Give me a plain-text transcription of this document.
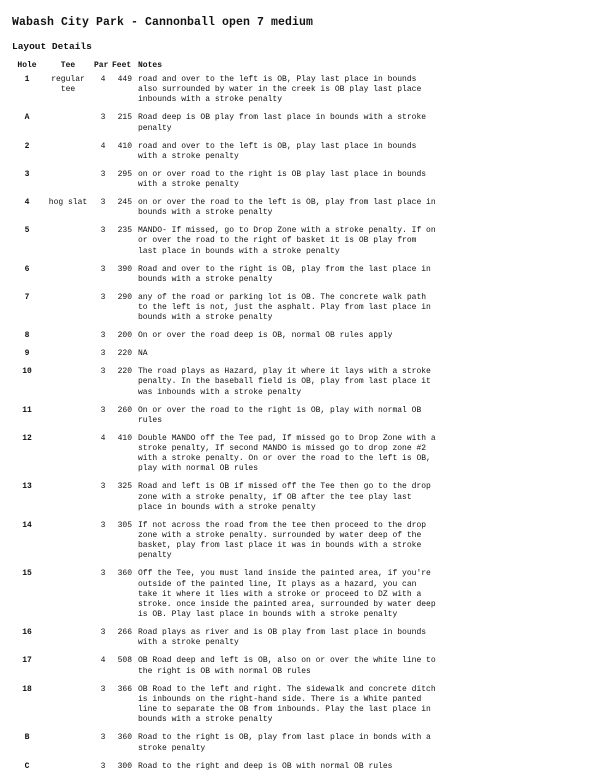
Wabash City Park - Cannonball open 7 medium
Layout Details
Hole	Tee	Par	Feet	Notes
1	regular tee	4	449	road and over to the left is OB, Play last place in bounds also surrounded by water in the creek is OB play last place inbounds with a stroke penalty
A		3	215	Road deep is OB play from last place in bounds with a stroke penalty
2		4	410	road and over to the left is OB, play last place in bounds with a stroke penalty
3		3	295	on or over road to the right is OB play last place in bounds with a stroke penalty
4	hog slat	3	245	on or over the road to the left is OB, play from last place in bounds with a stroke penalty
5		3	235	MANDO- If missed, go to Drop Zone with a stroke penalty. If on or over the road to the right of basket it is OB play from last place in bounds with a stroke penalty
6		3	390	Road and over to the right is OB, play from the last place in bounds with a stroke penalty
7		3	290	any of the road or parking lot is OB. The concrete walk path to the left is not, just the asphalt. Play from last place in bounds with a stroke penalty
8		3	200	On or over the road deep is OB, normal OB rules apply
9		3	220	NA
10		3	220	The road plays as Hazard, play it where it lays with a stroke penalty. In the baseball field is OB, play from last place it was inbounds with a stroke penalty
11		3	260	On or over the road to the right is OB, play with normal OB rules
12		4	410	Double MANDO off the Tee pad, If missed go to Drop Zone with a stroke penalty, If second MANDO is missed go to drop zone #2 with a stroke penalty. On or over the road to the left is OB, play with normal OB rules
13		3	325	Road and left is OB if missed off the Tee then go to the drop zone with a stroke penalty, if OB after the tee play last place in bounds with a stroke penalty
14		3	305	If not across the road from the tee then proceed to the drop zone with a stroke penalty. surrounded by water deep of the basket, play from last place it was in bounds with a stroke penalty
15		3	360	Off the Tee, you must land inside the painted area, if you're outside of the painted line, It plays as a hazard, you can take it where it lies with a stroke or proceed to DZ with a stroke. once inside the painted area, surrounded by water deep is OB. Play last place in bounds with a stroke penalty
16		3	266	Road plays as river and is OB play from last place in bounds with a stroke penalty
17		4	508	OB Road deep and left is OB, also on or over the white line to the right is OB with normal OB rules
18		3	366	OB Road to the left and right. The sidewalk and concrete ditch is inbounds on the right-hand side. There is a White panted line to separate the OB from inbounds. Play the last place in bounds with a stroke penalty
B		3	360	Road to the right is OB, play from last place in bonds with a stroke penalty
C		3	300	Road to the right and deep is OB with normal OB rules
